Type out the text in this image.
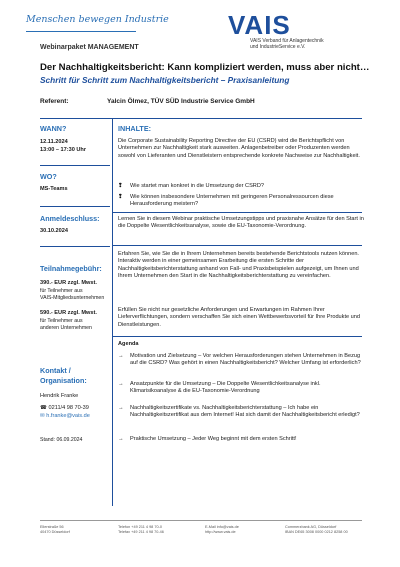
Menschen bewegen Industrie VAIS
VAIS Verband für Anlagentechnik
und IndustrieService e.V.
Webinarpaket MANAGEMENT
Der Nachhaltigkeitsbericht: Kann kompliziert werden, muss aber nicht…
Schritt für Schritt zum Nachhaltigkeitsbericht – Praxisanleitung
Referent:	Yalcin Ölmez, TÜV SÜD Industrie Service GmbH
WANN?
12.11.2024
13:00 – 17:30 Uhr
WO?
MS-Teams
Anmeldeschluss:
30.10.2024
Teilnahmegebühr:
390.- EUR zzgl. Mwst.
für Teilnehmer aus
VAIS-Mitgliedsunternehmen
590.- EUR zzgl. Mwst.
für Teilnehmer aus
anderen Unternehmen
Kontakt /
Organisation:
Hendrik Franke
☎ 0211/4 98 70-39
✉ h.franke@vais.de
Stand: 06.09.2024
INHALTE:
Die Corporate Sustainability Reporting Directive der EU (CSRD) wird die Berichtspflicht von Unternehmen zur Nachhaltigkeit stark ausweiten. Anlagenbetreiber oder Produzenten werden sowohl von Lieferanten und Dienstleistern entsprechende konkrete Nachweise zur Nachhaltigkeit.
❢ Wie startet man konkret in die Umsetzung der CSRD?
❢ Wie können insbesondere Unternehmen mit geringeren Personalressourcen diese Herausforderung meistern?
Lernen Sie in diesem Webinar praktische Umsetzungstipps und praxisnahe Ansätze für den Start in die Doppelte Wesentlichkeitsanalyse, sowie die EU-Taxonomie-Verordnung.
Erfahren Sie, wie Sie die in Ihrem Unternehmen bereits bestehende Berichtstools nutzen können. Interaktiv werden in einer gemeinsamen Erarbeitung die ersten Schritte der Nachhaltigkeitsberichterstattung anhand von Fall- und Praxisbeispielen aufgezeigt, um Ihnen und Ihrem Unternehmen den Start in die Nachhaltigkeitsberichterstattung zu vereinfachen.
Erfüllen Sie nicht nur gesetzliche Anforderungen und Erwartungen im Rahmen Ihrer Lieferverflichtungen, sondern verschaffen Sie sich einen Wettbewerbsvorteil für Ihre Produkte und Dienstleistungen.
Agenda
→ Motivation und Zielsetzung – Vor welchen Herausforderungen stehen Unternehmen in Bezug auf die CSRD? Was gehört in einen Nachhaltigkeitsbericht? Welcher Umfang ist erforderlich?
→ Ansatzpunkte für die Umsetzung – Die Doppelte Wesentlichkeitsanalyse inkl. Klimarisikoanalyse & die EU-Taxonomie-Verordnung
→ Nachhaltigkeitszertifikate vs. Nachhaltigkeitsberichterstattung – Ich habe ein Nachhaltigkeitszertifikat aus dem Internet! Hat sich damit der Nachhaltigkeitsbericht erledigt?
→ Praktische Umsetzung – Jeder Weg beginnt mit dem ersten Schritt!
Ellerstraße 56
40470 Düsseldorf
Telefon +49 211 4 98 70-0
Telefax +49 211 4 98 70-46
E-Mail info@vais.de
http://www.vais.de
Commerzbank AG, Düsseldorf
IBAN DE65 3008 0000 0212 8258 00
